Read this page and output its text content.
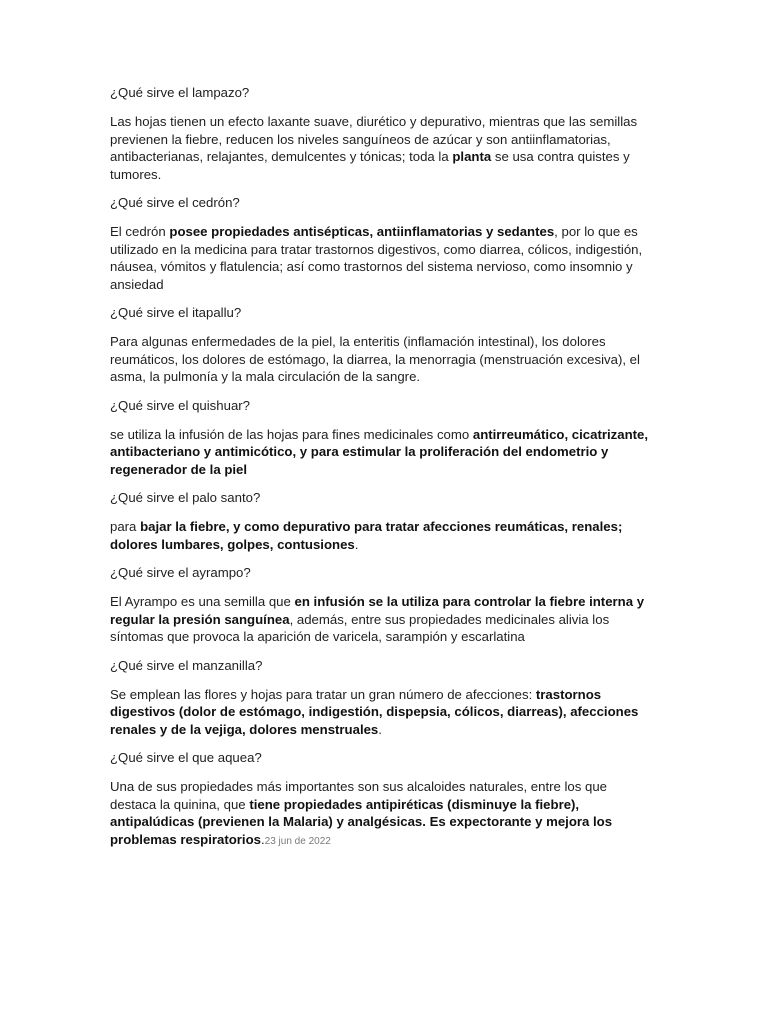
¿Qué sirve el lampazo?

Las hojas tienen un efecto laxante suave, diurético y depurativo, mientras que las semillas previenen la fiebre, reducen los niveles sanguíneos de azúcar y son antiinflamatorias, antibacterianas, relajantes, demulcentes y tónicas; toda la planta se usa contra quistes y tumores.

¿Qué sirve el cedrón?

El cedrón posee propiedades antisépticas, antiinflamatorias y sedantes, por lo que es utilizado en la medicina para tratar trastornos digestivos, como diarrea, cólicos, indigestión, náusea, vómitos y flatulencia; así como trastornos del sistema nervioso, como insomnio y ansiedad

¿Qué sirve el itapallu?

Para algunas enfermedades de la piel, la enteritis (inflamación intestinal), los dolores reumáticos, los dolores de estómago, la diarrea, la menorragia (menstruación excesiva), el asma, la pulmonía y la mala circulación de la sangre.

¿Qué sirve el quishuar?

se utiliza la infusión de las hojas para fines medicinales como antirreumático, cicatrizante, antibacteriano y antimicótico, y para estimular la proliferación del endometrio y regenerador de la piel

¿Qué sirve el palo santo?

para bajar la fiebre, y como depurativo para tratar afecciones reumáticas, renales; dolores lumbares, golpes, contusiones.

¿Qué sirve el ayrampo?

El Ayrampo es una semilla que en infusión se la utiliza para controlar la fiebre interna y regular la presión sanguínea, además, entre sus propiedades medicinales alivia los síntomas que provoca la aparición de varicela, sarampión y escarlatina

¿Qué sirve el manzanilla?

Se emplean las flores y hojas para tratar un gran número de afecciones: trastornos digestivos (dolor de estómago, indigestión, dispepsia, cólicos, diarreas), afecciones renales y de la vejiga, dolores menstruales.

¿Qué sirve el que aquea?

Una de sus propiedades más importantes son sus alcaloides naturales, entre los que destaca la quinina, que tiene propiedades antipiréticas (disminuye la fiebre), antipalúdicas (previenen la Malaria) y analgésicas. Es expectorante y mejora los problemas respiratorios.23 jun de 2022
